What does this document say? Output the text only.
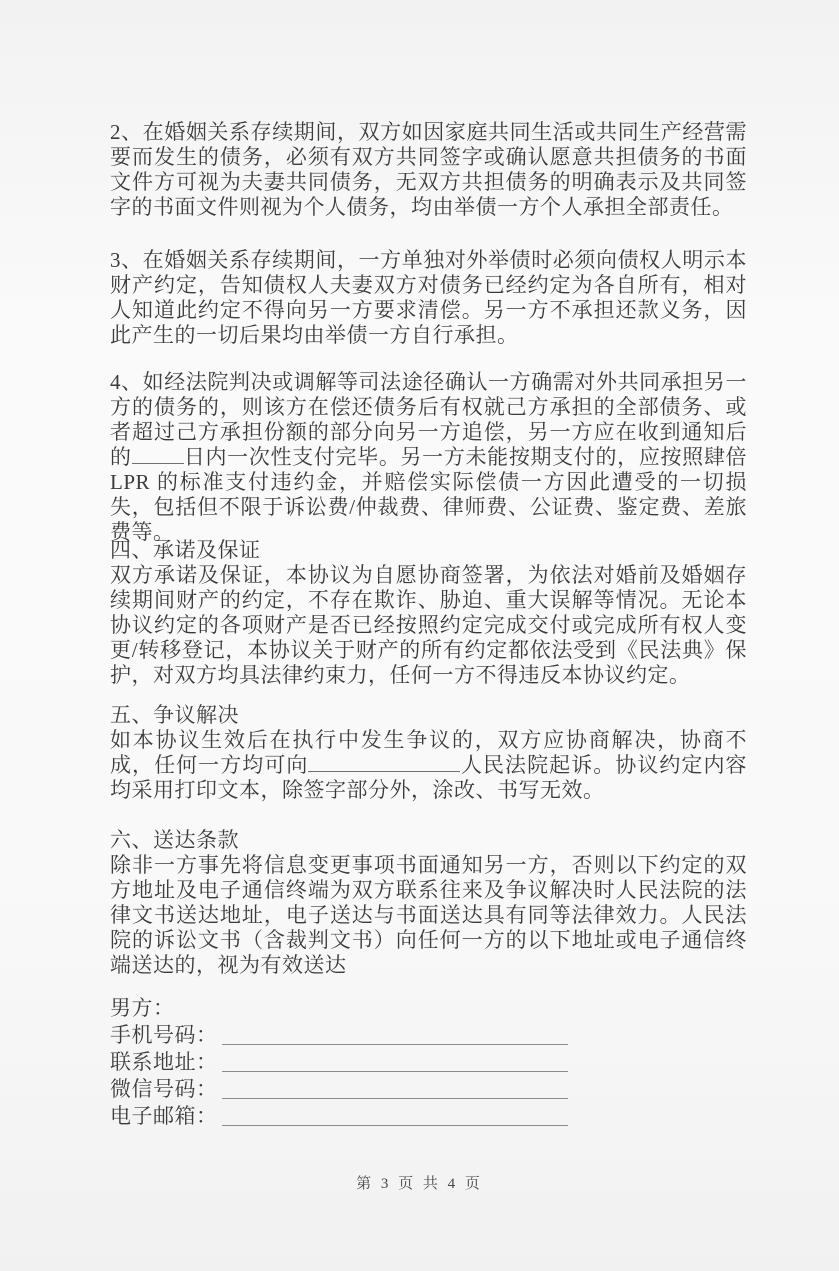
2、在婚姻关系存续期间，双方如因家庭共同生活或共同生产经营需要而发生的债务，必须有双方共同签字或确认愿意共担债务的书面文件方可视为夫妻共同债务，无双方共担债务的明确表示及共同签字的书面文件则视为个人债务，均由举债一方个人承担全部责任。
3、在婚姻关系存续期间，一方单独对外举债时必须向债权人明示本财产约定，告知债权人夫妻双方对债务已经约定为各自所有，相对人知道此约定不得向另一方要求清偿。另一方不承担还款义务，因此产生的一切后果均由举债一方自行承担。
4、如经法院判决或调解等司法途径确认一方确需对外共同承担另一方的债务的，则该方在偿还债务后有权就己方承担的全部债务、或者超过己方承担份额的部分向另一方追偿，另一方应在收到通知后的 日内一次性支付完毕。另一方未能按期支付的，应按照肆倍LPR 的标准支付违约金，并赔偿实际偿债一方因此遭受的一切损失，包括但不限于诉讼费/仲裁费、律师费、公证费、鉴定费、差旅费等。
四、承诺及保证
双方承诺及保证，本协议为自愿协商签署，为依法对婚前及婚姻存续期间财产的约定，不存在欺诈、胁迫、重大误解等情况。无论本协议约定的各项财产是否已经按照约定完成交付或完成所有权人变更/转移登记，本协议关于财产的所有约定都依法受到《民法典》保护，对双方均具法律约束力，任何一方不得违反本协议约定。
五、争议解决
如本协议生效后在执行中发生争议的，双方应协商解决，协商不成，任何一方均可向	人民法院起诉。协议约定内容均采用打印文本，除签字部分外，涂改、书写无效。
六、送达条款
除非一方事先将信息变更事项书面通知另一方，否则以下约定的双方地址及电子通信终端为双方联系往来及争议解决时人民法院的法律文书送达地址，电子送达与书面送达具有同等法律效力。人民法院的诉讼文书（含裁判文书）向任何一方的以下地址或电子通信终端送达的，视为有效送达
男方：
手机号码：
联系地址：
微信号码：
电子邮箱：
第 3 页 共 4 页
